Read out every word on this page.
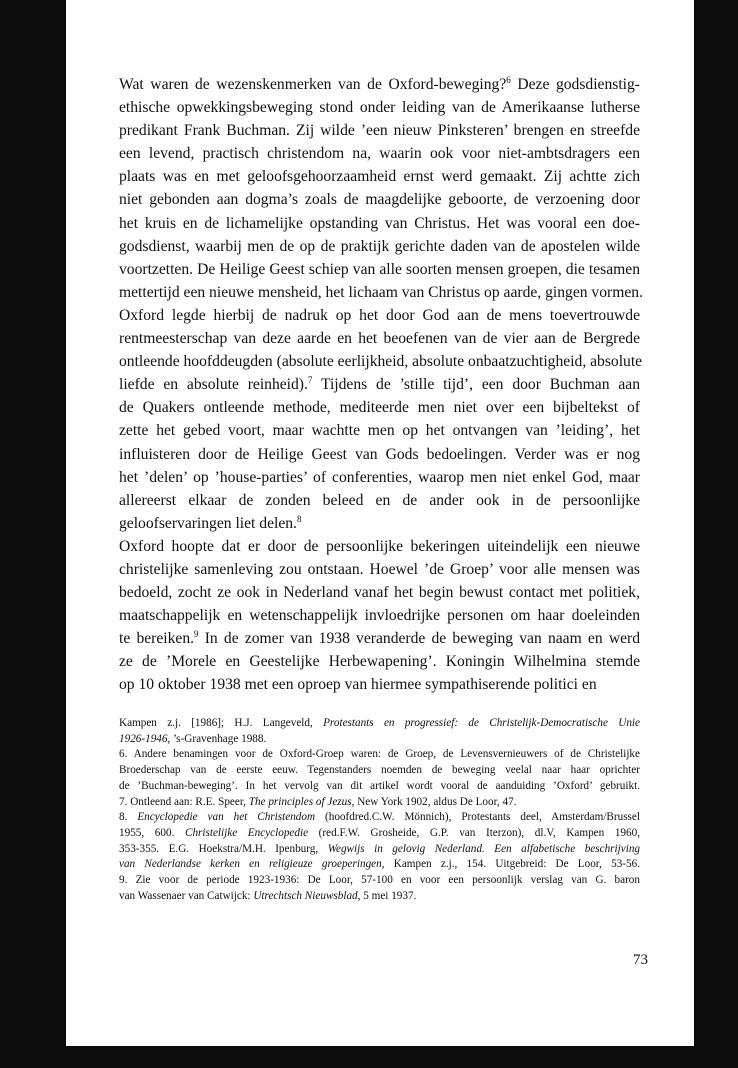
Wat waren de wezenskenmerken van de Oxford-beweging?$^6$ Deze godsdienstig-
ethische opwekkingsbeweging stond onder leiding van de Amerikaanse lutherse
predikant Frank Buchman. Zij wilde ’een nieuw Pinksteren’ brengen en streefde
een levend, practisch christendom na, waarin ook voor niet-ambtsdragers een
plaats was en met geloofsgehoorzaamheid ernst werd gemaakt. Zij achtte zich
niet gebonden aan dogma’s zoals de maagdelijke geboorte, de verzoening door
het kruis en de lichamelijke opstanding van Christus. Het was vooral een doe-
godsdienst, waarbij men de op de praktijk gerichte daden van de apostelen wilde
voortzetten. De Heilige Geest schiep van alle soorten mensen groepen, die tesamen
mettertijd een nieuwe mensheid, het lichaam van Christus op aarde, gingen vormen.
Oxford legde hierbij de nadruk op het door God aan de mens toevertrouwde
rentmeesterschap van deze aarde en het beoefenen van de vier aan de Bergrede
ontleende hoofddeugden (absolute eerlijkheid, absolute onbaatzuchtigheid, absolute
liefde en absolute reinheid).$^7$ Tijdens de ’stille tijd’, een door Buchman aan
de Quakers ontleende methode, mediteerde men niet over een bijbeltekst of
zette het gebed voort, maar wachtte men op het ontvangen van ’leiding’, het
influisteren door de Heilige Geest van Gods bedoelingen. Verder was er nog
het ’delen’ op ’house-parties’ of conferenties, waarop men niet enkel God, maar
allereerst elkaar de zonden beleed en de ander ook in de persoonlijke
geloofservaringen liet delen.$^8$
Oxford hoopte dat er door de persoonlijke bekeringen uiteindelijk een nieuwe
christelijke samenleving zou ontstaan. Hoewel ’de Groep’ voor alle mensen was
bedoeld, zocht ze ook in Nederland vanaf het begin bewust contact met politiek,
maatschappelijk en wetenschappelijk invloedrijke personen om haar doeleinden
te bereiken.$^9$ In de zomer van 1938 veranderde de beweging van naam en werd
ze de ’Morele en Geestelijke Herbewapening’. Koningin Wilhelmina stemde
op 10 oktober 1938 met een oproep van hiermee sympathiserende politici en
Kampen z.j. [1986]; H.J. Langeveld, Protestants en progressief: de Christelijk-Democratische Unie
1926-1946, ’s-Gravenhage 1988.
6. Andere benamingen voor de Oxford-Groep waren: de Groep, de Levensvernieuwers of de Christelijke
Broederschap van de eerste eeuw. Tegenstanders noemden de beweging veelal naar haar oprichter
de ’Buchman-beweging’. In het vervolg van dit artikel wordt vooral de aanduiding ’Oxford’ gebruikt.
7. Ontleend aan: R.E. Speer, The principles of Jezus, New York 1902, aldus De Loor, 47.
8. Encyclopedie van het Christendom (hoofdred.C.W. Mönnich), Protestants deel, Amsterdam/Brussel
1955, 600. Christelijke Encyclopedie (red.F.W. Grosheide, G.P. van Iterzon), dl.V, Kampen 1960,
353-355. E.G. Hoekstra/M.H. Ipenburg, Wegwijs in gelovig Nederland. Een alfabetische beschrijving
van Nederlandse kerken en religieuze groeperingen, Kampen z.j., 154. Uitgebreid: De Loor, 53-56.
9. Zie voor de periode 1923-1936: De Loor, 57-100 en voor een persoonlijk verslag van G. baron
van Wassenaer van Catwijck: Utrechtsch Nieuwsblad, 5 mei 1937.
73
